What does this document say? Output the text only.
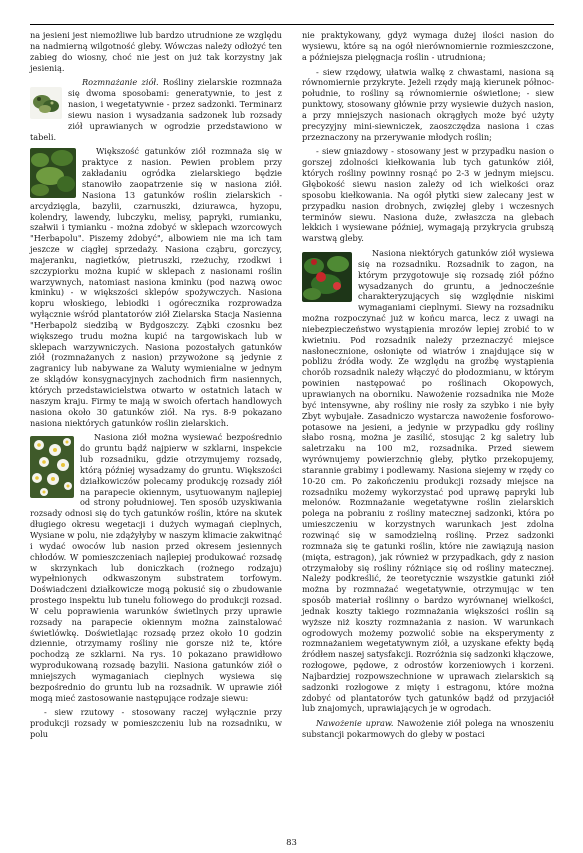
na jesieni jest niemożliwe lub bardzo utrudnione ze względu na nadmierną wilgotność gleby. Wówczas należy odłożyć ten zabieg do wiosny, choć nie jest on już tak korzystny jak jesienią.

Rozmnażanie ziół. Rośliny zielarskie rozmnaża się dwoma sposobami: generatywnie, to jest z nasion, i wegetatywnie - przez sadzonki. Terminarz siewu nasion i wysadzania sadzonek lub rozsady ziół uprawianych w ogrodzie przedstawiono w tabeli.

Większość gatunków ziół rozmnaża się w praktyce z nasion. Pewien problem przy zakładaniu ogródka zielarskiego będzie stanowiło zaopatrzenie się w nasiona ziół. Nasiona 13 gatunków roślin zielarskich - arcydzięgla, bazylii, czarnuszki, dziurawca, hyzopu, kolendry, lawendy, lubczyku, melisy, papryki, rumianku, szałwii i tymianku - można zdobyć w sklepach wzorcowych "Herbapolu". Piszemy żdobyć", albowiem nie ma ich tam jeszcze w ciągłej sprzedaży. Nasiona cząbru, gorczycy, majeranku, nagietków, pietruszki, rzeżuchy, rzodkwi i szczypiorku można kupić w sklepach z nasionami roślin warzywnych, natomiast nasiona kminku (pod nazwą owoc kminku) - w większości sklepów spożywczych. Nasiona kopru włoskiego, lebiodki i ogórecznika rozprowadza wyłącznie wśród plantatorów ziół Zielarska Stacja Nasienna "Herbapolż siedzibą w Bydgoszczy. Ząbki czosnku bez większego trudu można kupić na targowiskach lub w sklepach warzywniczych. Nasiona pozostałych gatunków ziół (rozmnażanych z nasion) przywożone są jedynie z zagranicy lub nabywane za Waluty wymienialne w jednym ze sklądów konsygnacyjnych zachodnich firm nasiennych, których przedstawicielstwa otwarto w ostatnich latach w naszym kraju. Firmy te mają w swoich ofertach handlowych nasiona około 30 gatunków ziół. Na rys. 8-9 pokazano nasiona niektórych gatunków roślin zielarskich.

Nasiona ziół można wysiewać bezpośrednio do gruntu bądź najpierw w szklarni, inspekcie lub rozsadniku, gdzie otrzymujemy rozsadę, którą później wysadzamy do gruntu. Większości działkowiczów polecamy produkcję rozsady ziół na parapecie okiennym, usytuowanym najlepiej od strony południowej. Ten sposób uzyskiwania rozsady odnosi się do tych gatunków roślin, które na skutek długiego okresu wegetacji i dużych wymagań cieplnych, Wysiane w polu, nie zdążyłyby w naszym klimacie zakwitnąć i wydać owoców lub nasion przed okresem jesiennych chłodów. W pomieszczeniach najlepiej produkować rozsadę w skrzynkach lub doniczkach (rożnego rodzaju) wypełnionych odkwaszonym substratem torfowym. Doświadczeni działkowicze mogą pokusić się o zbudowanie prostego inspektu lub tunelu foliowego do produkcji rozsad. W celu poprawienia warunków świetlnych przy uprawie rozsady na parapecie okiennym można zainstalować świetlówkę. Doświetlając rozsadę przez około 10 godzin dziennie, otrzymamy rośliny nie gorsze niż te, które pochodzą ze szklarni. Na rys. 10 pokazano prawidłowo wyprodukowaną rozsadę bazylii. Nasiona gatunków ziół o mniejszych wymaganiach cieplnych wysiewa się bezpośrednio do gruntu lub na rozsadnik. W uprawie ziół mogą mieć zastosowanie następujące rodzaje siewu:

- siew rzutowy - stosowany raczej wyłącznie przy produkcji rozsady w pomieszczeniu lub na rozsadniku, w polu

nie praktykowany, gdyż wymaga dużej ilości nasion do wysiewu, które są na ogół nierównomiernie rozmieszczone, a późniejsza pielęgnacja roślin - utrudniona;

- siew rzędowy, ułatwia walkę z chwastami, nasiona są równomiernie przykryte. Jeżeli rzędy mają kierunek północ-południe, to rośliny są równomiernie oświetlone; - siew punktowy, stosowany głównie przy wysiewie dużych nasion, a przy mniejszych nasionach okrągłych może być użyty precyzyjny mini-siewniczek, zaoszczędza nasiona i czas przeznaczony na przerywanie młodych roślin;

- siew gniazdowy - stosowany jest w przypadku nasion o gorszej zdolności kiełkowania lub tych gatunków ziół, których rośliny powinny rosnąć po 2-3 w jednym miejscu. Głębokość siewu nasion zależy od ich wielkości oraz sposobu kiełkowania. Na ogół płytki siew zalecany jest w przypadku nasion drobnych, zwięzłej gleby i wczesnych terminów siewu. Nasiona duże, zwłaszcza na glebach lekkich i wysiewane później, wymagają przykrycia grubszą warstwą gleby.

Nasiona niektórych gatunków ziół wysiewa się na rozsadniku. Rozsadnik to zagon, na którym przygotowuje się rozsadę ziół późno wysadzanych do gruntu, a jednocześnie charakteryzujących się względnie niskimi wymaganiami cieplnymi. Siewy na rozsadniku można rozpoczynać już w końcu marca, lecz z uwagi na niebezpieczeństwo wystąpienia mrozów lepiej zrobić to w kwietniu. Pod rozsadnik należy przeznaczyć miejsce nasłonecznione, osłonięte od wiatrów i znajdujące się w pobliżu źródła wody. Ze względu na groźbę wystąpienia chorób rozsadnik należy włączyć do płodozmianu, w którym powinien następować po roślinach Okopowych, uprawianych na oborniku. Nawożenie rozsadnika nie Może być intensywne, aby rośliny nie rosły za szybko i nie były Zbyt wybujałe. Zasadniczo wystarcza nawożenie fosforowo-potasowe na jesieni, a jedynie w przypadku gdy rośliny słabo rosną, można je zasilić, stosując 2 kg saletry lub saletrzaku na 100 m2, rozsadnika. Przed siewem wyrównujemy powierzchnię gleby, płytko przekopujemy, starannie grabimy i podlewamy. Nasiona siejemy w rzędy co 10-20 cm. Po zakończeniu produkcji rozsady miejsce na rozsadniku możemy wykorzystać pod uprawę papryki lub melonów. Rozmnażanie wegetatywne roślin zielarskich polega na pobraniu z rośliny matecznej sadzonki, która po umieszczeniu w korzystnych warunkach jest zdolna rozwinąć się w samodzielną roślinę. Przez sadzonki rozmnaża się te gatunki roślin, które nie zawiązują nasion (mięta, estragon), jak również w przypadkach, gdy z nasion otrzymałoby się rośliny różniące się od rośliny matecznej. Należy podkreślić, że teoretycznie wszystkie gatunki ziół można by rozmnażać wegetatywnie, otrzymując w ten sposób materiał roślinny o bardzo wyrównanej wielkości, jednak koszty takiego rozmnażania większości roślin są wyższe niż koszty rozmnażania z nasion. W warunkach ogrodowych możemy pozwolić sobie na eksperymenty z rozmnażaniem wegetatywnym ziół, a uzyskane efekty będą źródłem naszej satysfakcji. Rozróżnia się sadzonki kłączowe, rozłogowe, pędowe, z odrostów korzeniowych i korzeni. Najbardziej rozpowszechnione w uprawach zielarskich są sadzonki rozłogowe z mięty i estragonu, które można zdobyć od plantatorów tych gatunków bądź od przyjaciół lub znajomych, uprawiających je w ogrodach.

Nawożenie upraw. Nawożenie ziół polega na wnoszeniu substancji pokarmowych do gleby w postaci

83
